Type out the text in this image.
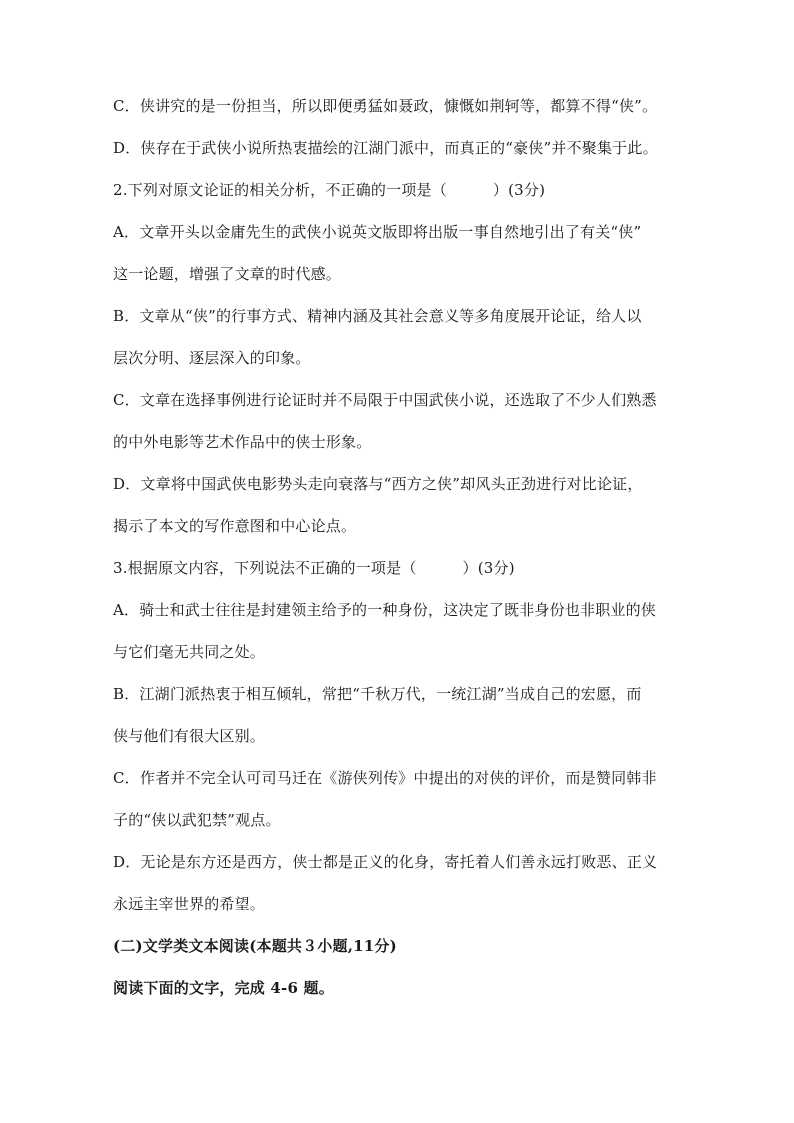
C．侠讲究的是一份担当，所以即便勇猛如聂政，慷慨如荆轲等，都算不得“侠”。
D．侠存在于武侠小说所热衷描绘的江湖门派中，而真正的“豪侠”并不聚集于此。
2.下列对原文论证的相关分析，不正确的一项是（	）(3分)
A．文章开头以金庸先生的武侠小说英文版即将出版一事自然地引出了有关“侠”
这一论题，增强了文章的时代感。
B．文章从“侠”的行事方式、精神内涵及其社会意义等多角度展开论证，给人以
层次分明、逐层深入的印象。
C．文章在选择事例进行论证时并不局限于中国武侠小说，还选取了不少人们熟悉
的中外电影等艺术作品中的侠士形象。
D．文章将中国武侠电影势头走向衰落与“西方之侠”却风头正劲进行对比论证，
揭示了本文的写作意图和中心论点。
3.根据原文内容，下列说法不正确的一项是（	）(3分)
A．骑士和武士往往是封建领主给予的一种身份，这决定了既非身份也非职业的侠
与它们毫无共同之处。
B．江湖门派热衷于相互倾轧，常把“千秋万代，一统江湖”当成自己的宏愿，而
侠与他们有很大区别。
C．作者并不完全认可司马迁在《游侠列传》中提出的对侠的评价，而是赞同韩非
子的“侠以武犯禁”观点。
D．无论是东方还是西方，侠士都是正义的化身，寄托着人们善永远打败恶、正义
永远主宰世界的希望。
(二)文学类文本阅读(本题共３小题,11分)
阅读下面的文字，完成 4-6 题。
